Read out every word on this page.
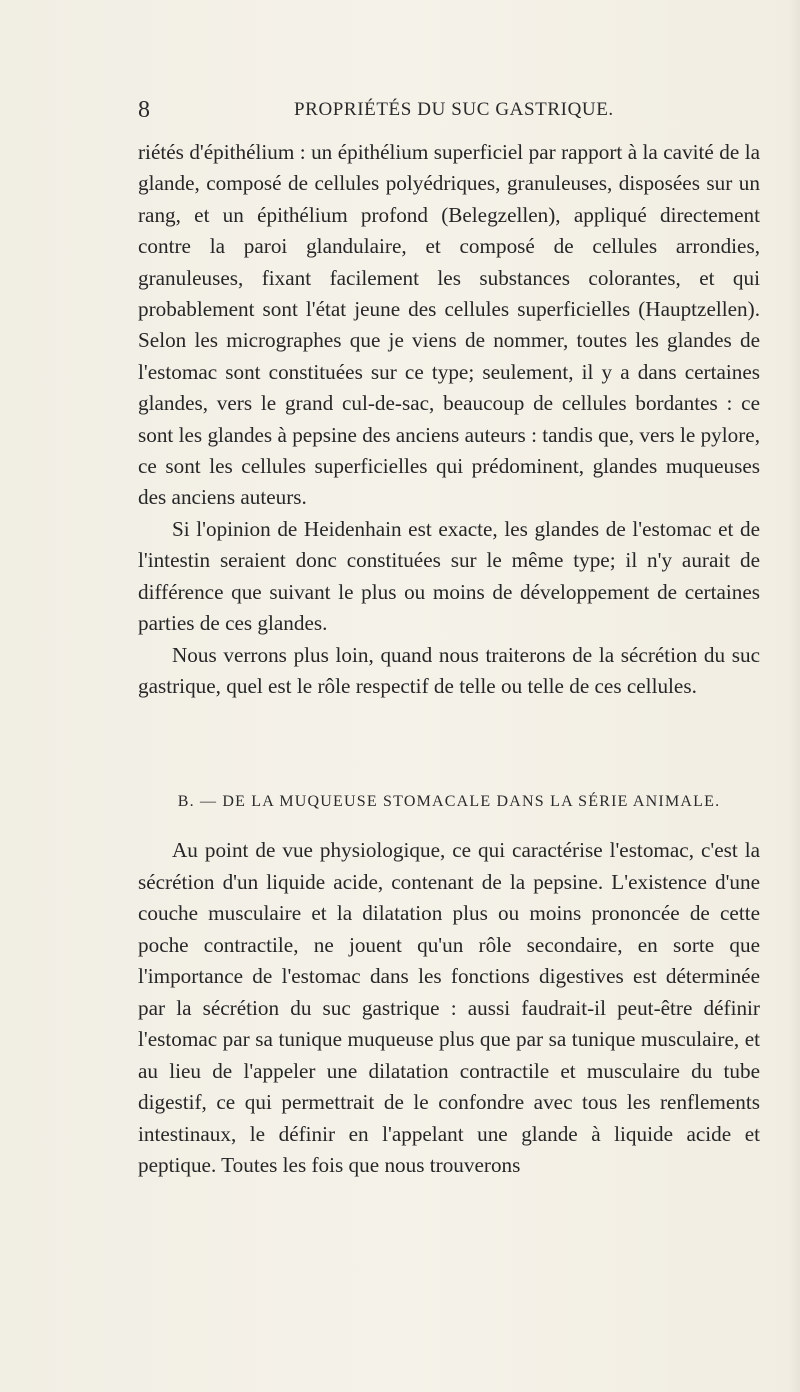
8	PROPRIÉTÉS DU SUC GASTRIQUE.

riétés d'épithélium : un épithélium superficiel par rapport à la cavité de la glande, composé de cellules polyédriques, granuleuses, disposées sur un rang, et un épithélium profond (Belegzellen), appliqué directement contre la paroi glandulaire, et composé de cellules arrondies, granuleuses, fixant facilement les substances colorantes, et qui probablement sont l'état jeune des cellules superficielles (Hauptzellen). Selon les micrographes que je viens de nommer, toutes les glandes de l'estomac sont constituées sur ce type; seulement, il y a dans certaines glandes, vers le grand cul-de-sac, beaucoup de cellules bordantes : ce sont les glandes à pepsine des anciens auteurs : tandis que, vers le pylore, ce sont les cellules superficielles qui prédominent, glandes muqueuses des anciens auteurs.

Si l'opinion de Heidenhain est exacte, les glandes de l'estomac et de l'intestin seraient donc constituées sur le même type; il n'y aurait de différence que suivant le plus ou moins de développement de certaines parties de ces glandes.

Nous verrons plus loin, quand nous traiterons de la sécrétion du suc gastrique, quel est le rôle respectif de telle ou telle de ces cellules.

B. — DE LA MUQUEUSE STOMACALE DANS LA SÉRIE ANIMALE.

Au point de vue physiologique, ce qui caractérise l'estomac, c'est la sécrétion d'un liquide acide, contenant de la pepsine. L'existence d'une couche musculaire et la dilatation plus ou moins prononcée de cette poche contractile, ne jouent qu'un rôle secondaire, en sorte que l'importance de l'estomac dans les fonctions digestives est déterminée par la sécrétion du suc gastrique : aussi faudrait-il peut-être définir l'estomac par sa tunique muqueuse plus que par sa tunique musculaire, et au lieu de l'appeler une dilatation contractile et musculaire du tube digestif, ce qui permettrait de le confondre avec tous les renflements intestinaux, le définir en l'appelant une glande à liquide acide et peptique. Toutes les fois que nous trouverons
